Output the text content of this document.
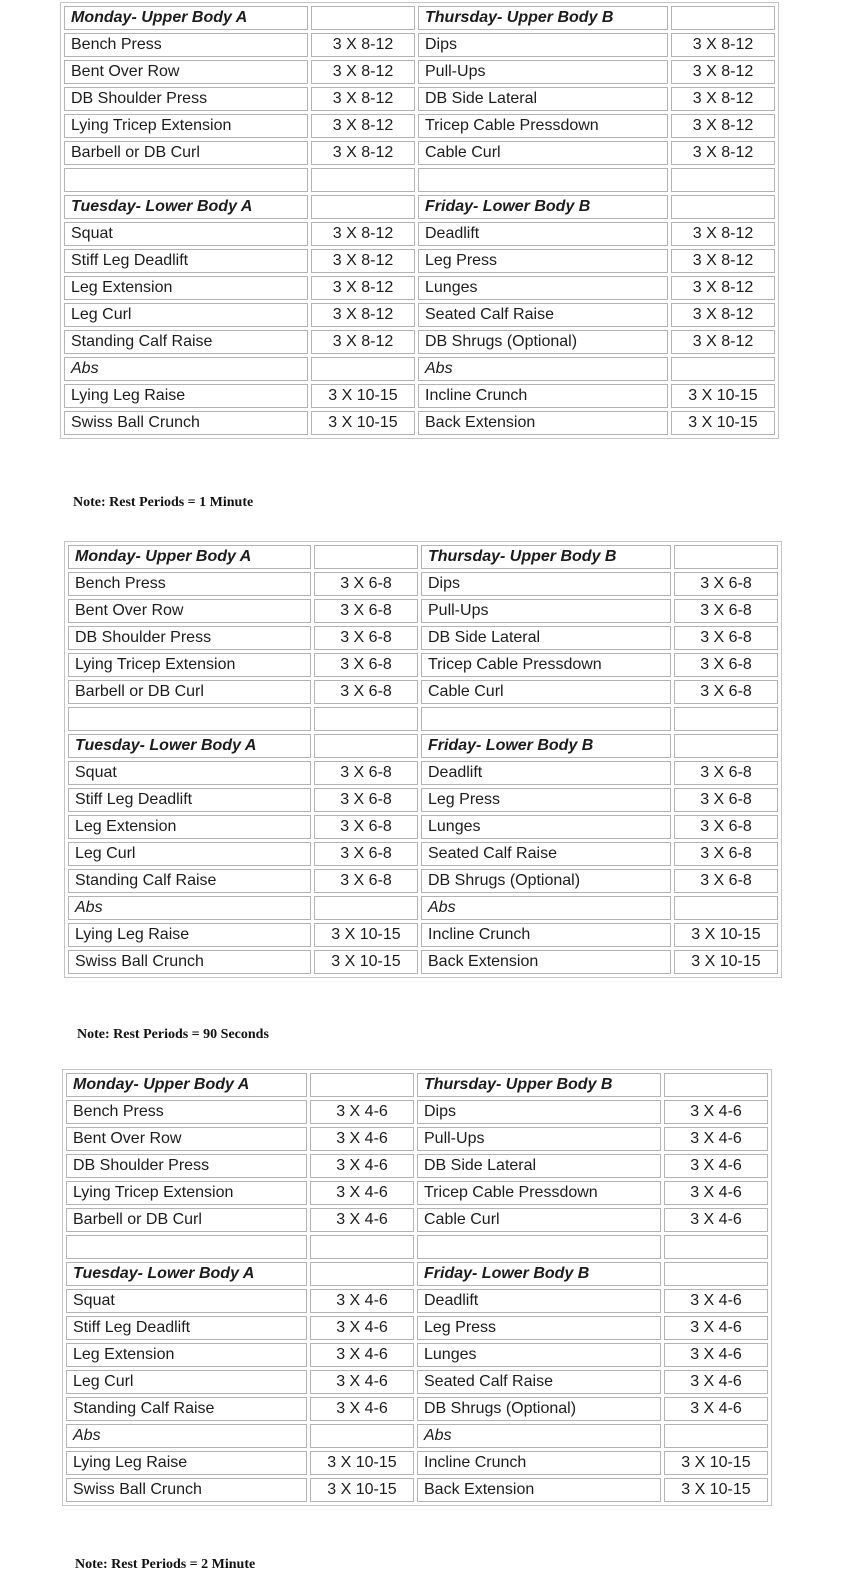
Monday- Upper Body A		Thursday- Upper Body B	
Bench Press	3 X 8-12	Dips	3 X 8-12
Bent Over Row	3 X 8-12	Pull-Ups	3 X 8-12
DB Shoulder Press	3 X 8-12	DB Side Lateral	3 X 8-12
Lying Tricep Extension	3 X 8-12	Tricep Cable Pressdown	3 X 8-12
Barbell or DB Curl	3 X 8-12	Cable Curl	3 X 8-12

Tuesday- Lower Body A		Friday- Lower Body B	
Squat	3 X 8-12	Deadlift	3 X 8-12
Stiff Leg Deadlift	3 X 8-12	Leg Press	3 X 8-12
Leg Extension	3 X 8-12	Lunges	3 X 8-12
Leg Curl	3 X 8-12	Seated Calf Raise	3 X 8-12
Standing Calf Raise	3 X 8-12	DB Shrugs (Optional)	3 X 8-12
Abs		Abs	
Lying Leg Raise	3 X 10-15	Incline Crunch	3 X 10-15
Swiss Ball Crunch	3 X 10-15	Back Extension	3 X 10-15
Note: Rest Periods = 1 Minute
Monday- Upper Body A		Thursday- Upper Body B	
Bench Press	3 X 6-8	Dips	3 X 6-8
Bent Over Row	3 X 6-8	Pull-Ups	3 X 6-8
DB Shoulder Press	3 X 6-8	DB Side Lateral	3 X 6-8
Lying Tricep Extension	3 X 6-8	Tricep Cable Pressdown	3 X 6-8
Barbell or DB Curl	3 X 6-8	Cable Curl	3 X 6-8

Tuesday- Lower Body A		Friday- Lower Body B	
Squat	3 X 6-8	Deadlift	3 X 6-8
Stiff Leg Deadlift	3 X 6-8	Leg Press	3 X 6-8
Leg Extension	3 X 6-8	Lunges	3 X 6-8
Leg Curl	3 X 6-8	Seated Calf Raise	3 X 6-8
Standing Calf Raise	3 X 6-8	DB Shrugs (Optional)	3 X 6-8
Abs		Abs	
Lying Leg Raise	3 X 10-15	Incline Crunch	3 X 10-15
Swiss Ball Crunch	3 X 10-15	Back Extension	3 X 10-15
Note: Rest Periods = 90 Seconds
Monday- Upper Body A		Thursday- Upper Body B	
Bench Press	3 X 4-6	Dips	3 X 4-6
Bent Over Row	3 X 4-6	Pull-Ups	3 X 4-6
DB Shoulder Press	3 X 4-6	DB Side Lateral	3 X 4-6
Lying Tricep Extension	3 X 4-6	Tricep Cable Pressdown	3 X 4-6
Barbell or DB Curl	3 X 4-6	Cable Curl	3 X 4-6

Tuesday- Lower Body A		Friday- Lower Body B	
Squat	3 X 4-6	Deadlift	3 X 4-6
Stiff Leg Deadlift	3 X 4-6	Leg Press	3 X 4-6
Leg Extension	3 X 4-6	Lunges	3 X 4-6
Leg Curl	3 X 4-6	Seated Calf Raise	3 X 4-6
Standing Calf Raise	3 X 4-6	DB Shrugs (Optional)	3 X 4-6
Abs		Abs	
Lying Leg Raise	3 X 10-15	Incline Crunch	3 X 10-15
Swiss Ball Crunch	3 X 10-15	Back Extension	3 X 10-15
Note: Rest Periods = 2 Minute
